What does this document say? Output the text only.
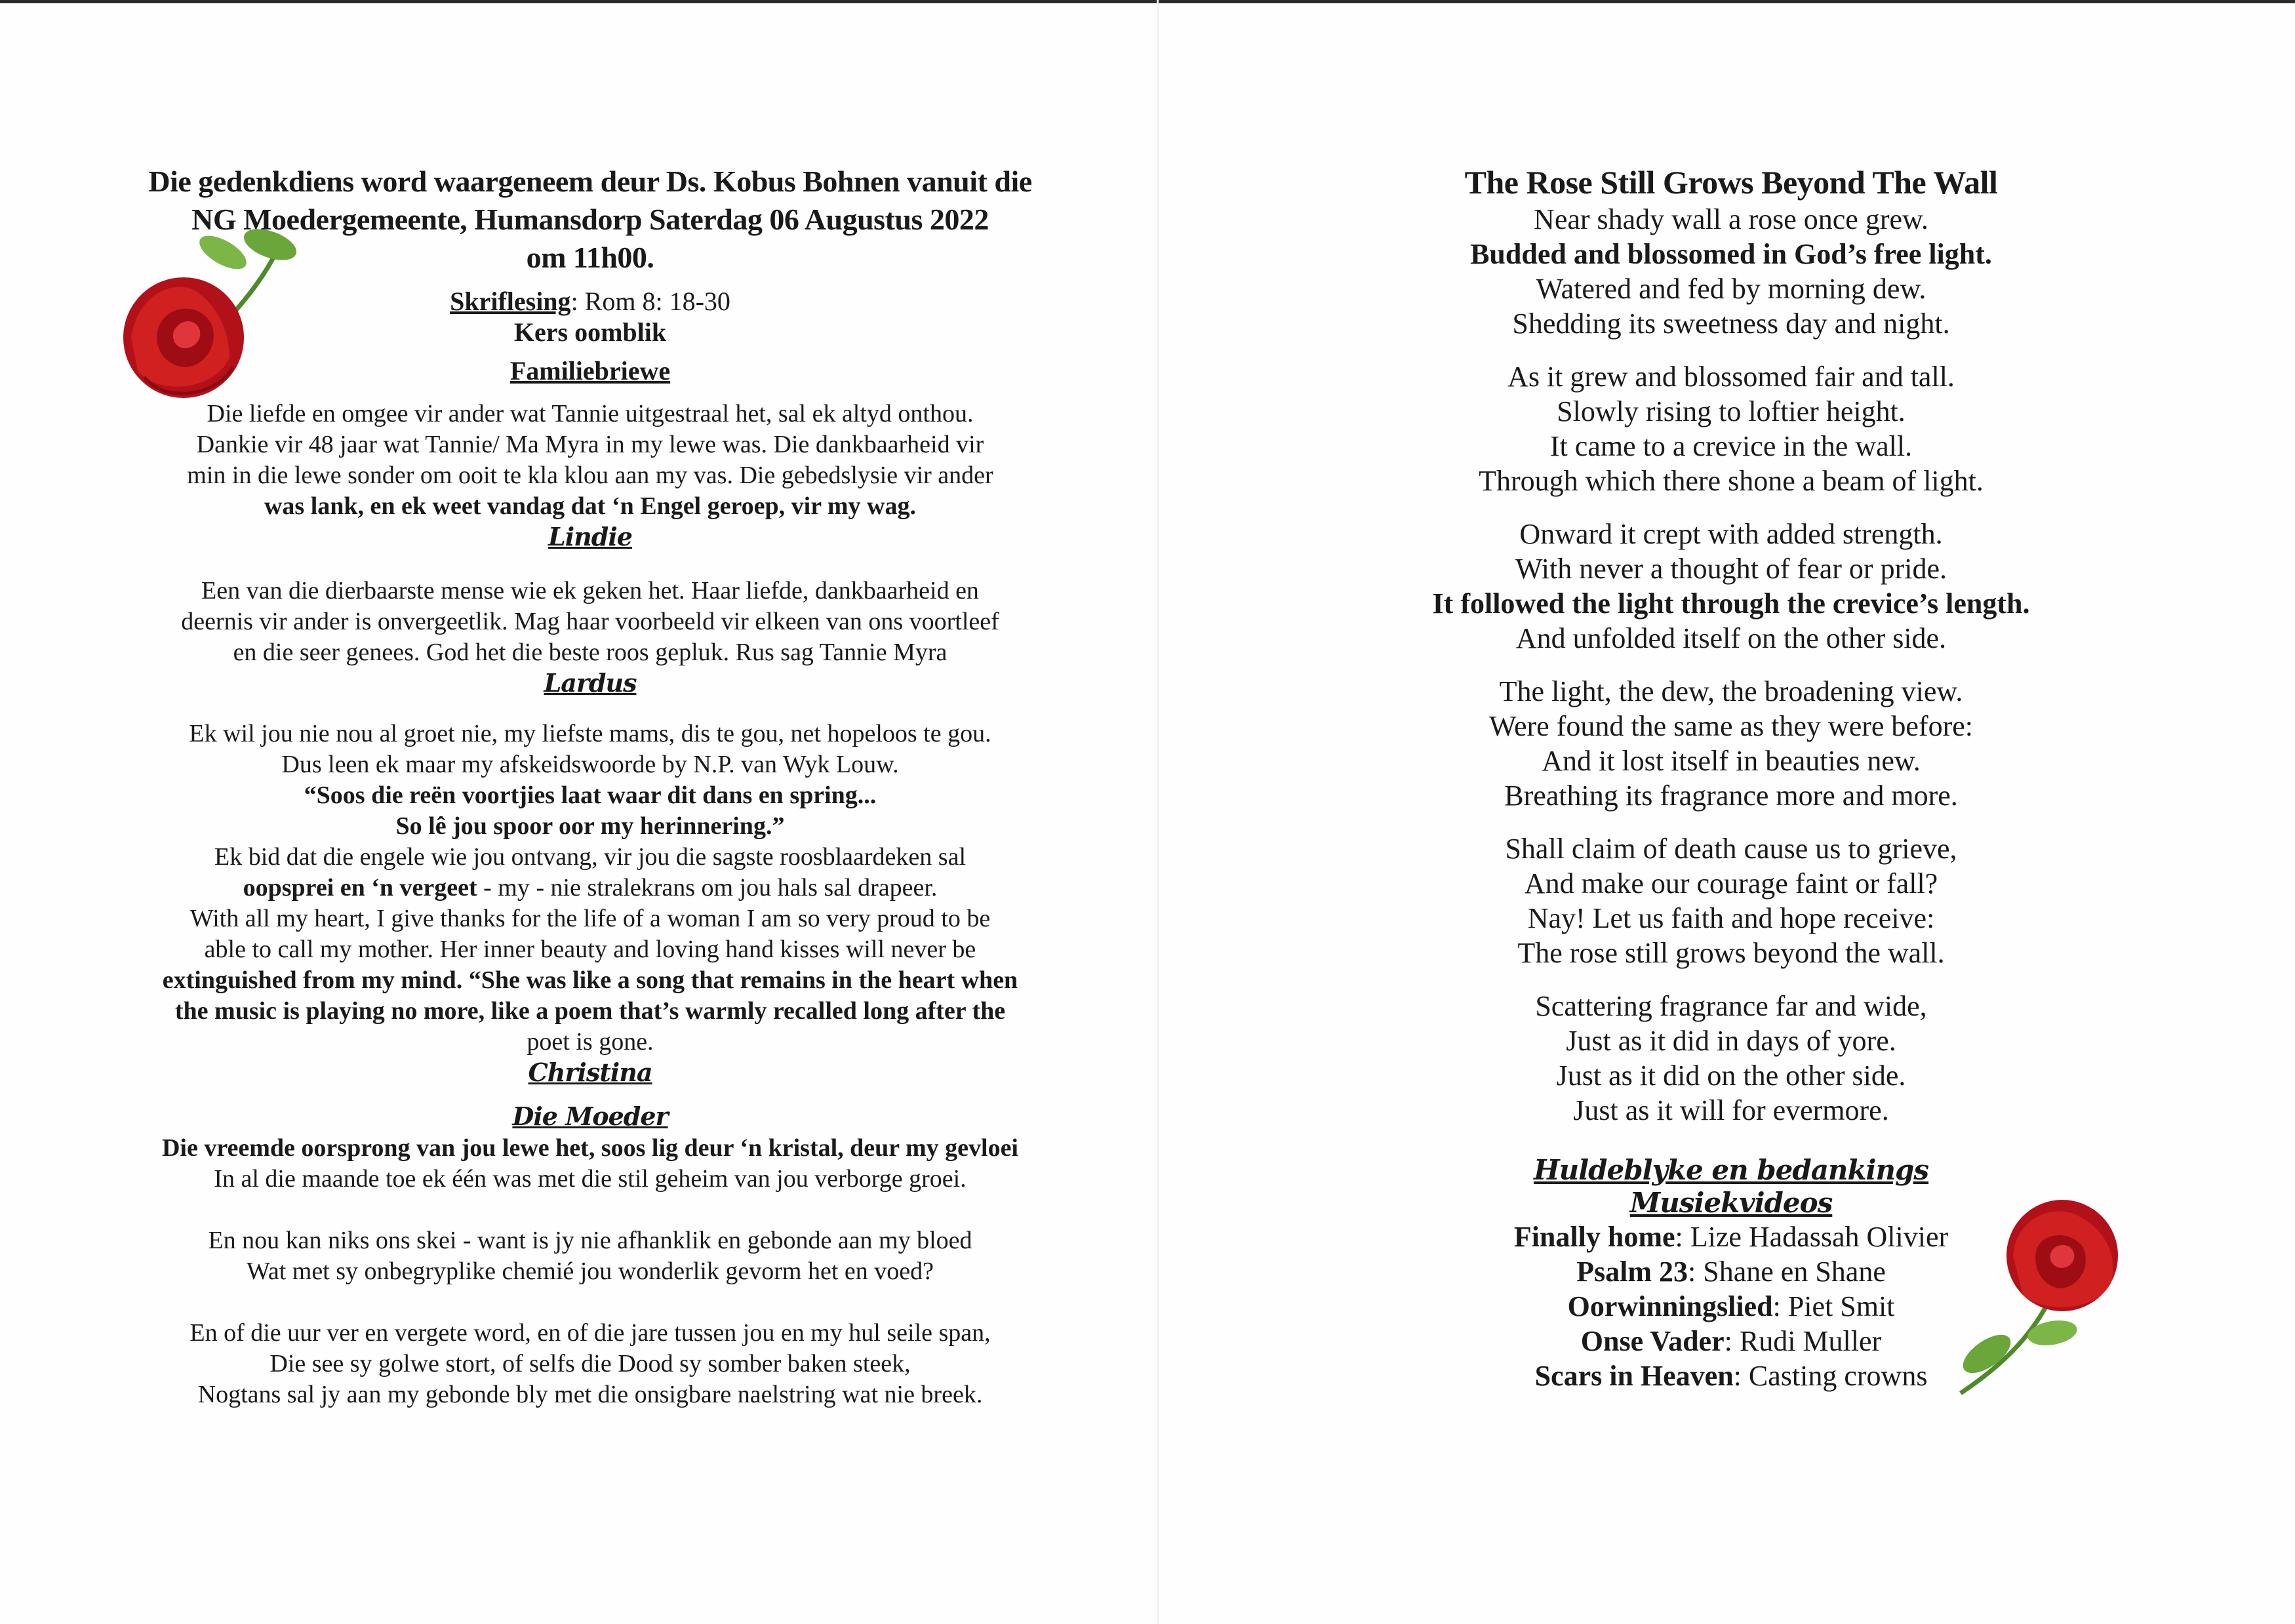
Die gedenkdiens word waargeneem deur Ds. Kobus Bohnen vanuit die

NG Moedergemeente, Humansdorp Saterdag 06 Augustus 2022

om 11h00.

Skriflesing: Rom 8: 18-30

Kers oomblik

Familiebriewe

Die liefde en omgee vir ander wat Tannie uitgestraal het, sal ek altyd onthou.

Dankie vir 48 jaar wat Tannie/ Ma Myra in my lewe was. Die dankbaarheid vir

min in die lewe sonder om ooit te kla klou aan my vas. Die gebedslysie vir ander

was lank, en ek weet vandag dat ‘n Engel geroep, vir my wag.

Lindie

Een van die dierbaarste mense wie ek geken het. Haar liefde, dankbaarheid en

deernis vir ander is onvergeetlik. Mag haar voorbeeld vir elkeen van ons voortleef

en die seer genees. God het die beste roos gepluk. Rus sag Tannie Myra

Lardus

Ek wil jou nie nou al groet nie, my liefste mams, dis te gou, net hopeloos te gou.

Dus leen ek maar my afskeidswoorde by N.P. van Wyk Louw.

“Soos die reën voortjies laat waar dit dans en spring...

So lê jou spoor oor my herinnering.”

Ek bid dat die engele wie jou ontvang, vir jou die sagste roosblaardeken sal

oopsprei en ‘n vergeet - my - nie stralekrans om jou hals sal drapeer.

With all my heart, I give thanks for the life of a woman I am so very proud to be

able to call my mother. Her inner beauty and loving hand kisses will never be

extinguished from my mind. “She was like a song that remains in the heart when

the music is playing no more, like a poem that’s warmly recalled long after the

poet is gone.

Christina

Die Moeder

Die vreemde oorsprong van jou lewe het, soos lig deur ‘n kristal, deur my gevloei

In al die maande toe ek één was met die stil geheim van jou verborge groei.

En nou kan niks ons skei - want is jy nie afhanklik en gebonde aan my bloed

Wat met sy onbegryplike chemié jou wonderlik gevorm het en voed?

En of die uur ver en vergete word, en of die jare tussen jou en my hul seile span,

Die see sy golwe stort, of selfs die Dood sy somber baken steek,

Nogtans sal jy aan my gebonde bly met die onsigbare naelstring wat nie breek.

The Rose Still Grows Beyond The Wall

Near shady wall a rose once grew.

Budded and blossomed in God’s free light.

Watered and fed by morning dew.

Shedding its sweetness day and night.

As it grew and blossomed fair and tall.

Slowly rising to loftier height.

It came to a crevice in the wall.

Through which there shone a beam of light.

Onward it crept with added strength.

With never a thought of fear or pride.

It followed the light through the crevice’s length.

And unfolded itself on the other side.

The light, the dew, the broadening view.

Were found the same as they were before:

And it lost itself in beauties new.

Breathing its fragrance more and more.

Shall claim of death cause us to grieve,

And make our courage faint or fall?

Nay! Let us faith and hope receive:

The rose still grows beyond the wall.

Scattering fragrance far and wide,

Just as it did in days of yore.

Just as it did on the other side.

Just as it will for evermore.

Huldeblyke en bedankings

Musiekvideos

Finally home: Lize Hadassah Olivier

Psalm 23: Shane en Shane

Oorwinningslied: Piet Smit

Onse Vader: Rudi Muller

Scars in Heaven: Casting crowns
